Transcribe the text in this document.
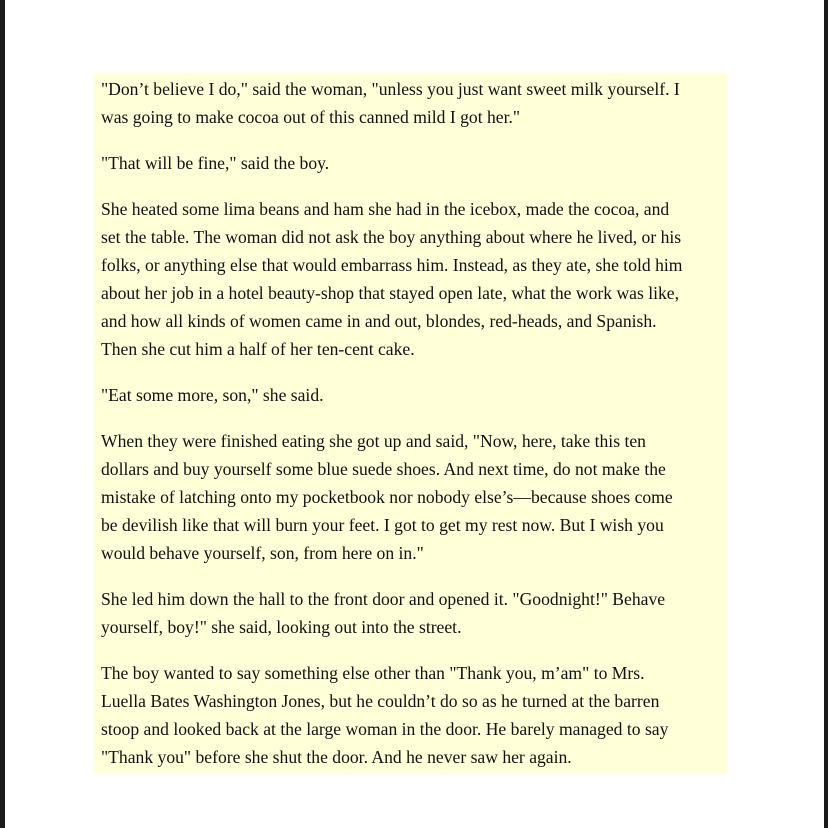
"Don’t believe I do," said the woman, "unless you just want sweet milk yourself. I
was going to make cocoa out of this canned mild I got her."

"That will be fine," said the boy.

She heated some lima beans and ham she had in the icebox, made the cocoa, and
set the table. The woman did not ask the boy anything about where he lived, or his
folks, or anything else that would embarrass him. Instead, as they ate, she told him
about her job in a hotel beauty-shop that stayed open late, what the work was like,
and how all kinds of women came in and out, blondes, red-heads, and Spanish.
Then she cut him a half of her ten-cent cake.

"Eat some more, son," she said.

When they were finished eating she got up and said, "Now, here, take this ten
dollars and buy yourself some blue suede shoes. And next time, do not make the
mistake of latching onto my pocketbook nor nobody else’s—because shoes come
be devilish like that will burn your feet. I got to get my rest now. But I wish you
would behave yourself, son, from here on in."

She led him down the hall to the front door and opened it. "Goodnight!" Behave
yourself, boy!" she said, looking out into the street.

The boy wanted to say something else other than "Thank you, m’am" to Mrs.
Luella Bates Washington Jones, but he couldn’t do so as he turned at the barren
stoop and looked back at the large woman in the door. He barely managed to say
"Thank you" before she shut the door. And he never saw her again.
